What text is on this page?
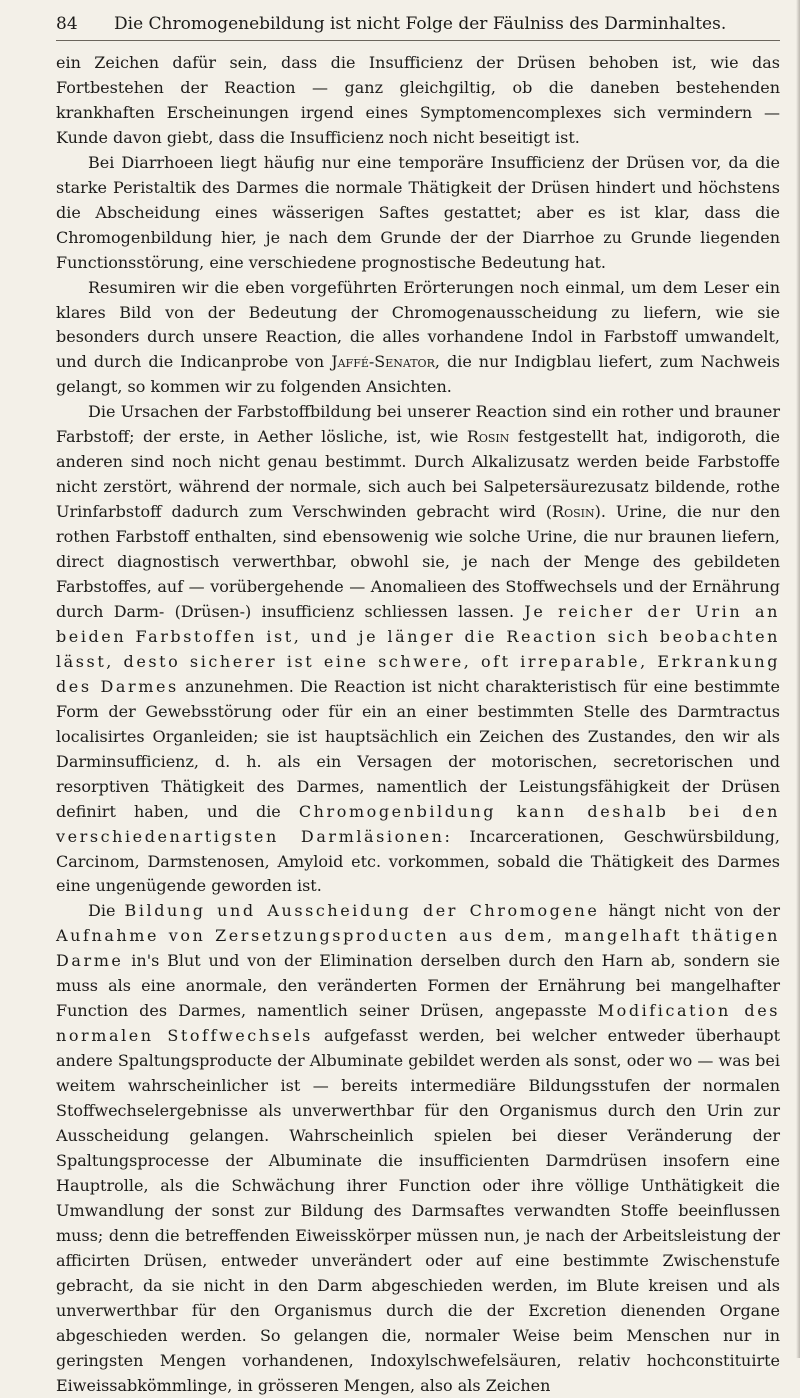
84	Die Chromogenebildung ist nicht Folge der Fäulniss des Darminhaltes.

ein Zeichen dafür sein, dass die Insufficienz der Drüsen behoben ist, wie das Fortbestehen der Reaction — ganz gleichgiltig, ob die daneben bestehenden krankhaften Erscheinungen irgend eines Symptomencomplexes sich vermindern — Kunde davon giebt, dass die Insufficienz noch nicht beseitigt ist.

Bei Diarrhoeen liegt häufig nur eine temporäre Insufficienz der Drüsen vor, da die starke Peristaltik des Darmes die normale Thätigkeit der Drüsen hindert und höchstens die Abscheidung eines wässerigen Saftes gestattet; aber es ist klar, dass die Chromogenbildung hier, je nach dem Grunde der der Diarrhoe zu Grunde liegenden Functionsstörung, eine verschiedene prognostische Bedeutung hat.

Resumiren wir die eben vorgeführten Erörterungen noch einmal, um dem Leser ein klares Bild von der Bedeutung der Chromogenausscheidung zu liefern, wie sie besonders durch unsere Reaction, die alles vorhandene Indol in Farbstoff umwandelt, und durch die Indicanprobe von Jaffé-Senator, die nur Indigblau liefert, zum Nachweis gelangt, so kommen wir zu folgenden Ansichten.

Die Ursachen der Farbstoffbildung bei unserer Reaction sind ein rother und brauner Farbstoff; der erste, in Aether lösliche, ist, wie Rosin festgestellt hat, indigoroth, die anderen sind noch nicht genau bestimmt. Durch Alkalizusatz werden beide Farbstoffe nicht zerstört, während der normale, sich auch bei Salpetersäurezusatz bildende, rothe Urinfarbstoff dadurch zum Verschwinden gebracht wird (Rosin). Urine, die nur den rothen Farbstoff enthalten, sind ebensowenig wie solche Urine, die nur braunen liefern, direct diagnostisch verwerthbar, obwohl sie, je nach der Menge des gebildeten Farbstoffes, auf — vorübergehende — Anomalieen des Stoffwechsels und der Ernährung durch Darm- (Drüsen-) insufficienz schliessen lassen. Je reicher der Urin an beiden Farbstoffen ist, und je länger die Reaction sich beobachten lässt, desto sicherer ist eine schwere, oft irreparable, Erkrankung des Darmes anzunehmen. Die Reaction ist nicht charakteristisch für eine bestimmte Form der Gewebsstörung oder für ein an einer bestimmten Stelle des Darmtractus localisirtes Organleiden; sie ist hauptsächlich ein Zeichen des Zustandes, den wir als Darminsufficienz, d. h. als ein Versagen der motorischen, secretorischen und resorptiven Thätigkeit des Darmes, namentlich der Leistungsfähigkeit der Drüsen definirt haben, und die Chromogenbildung kann deshalb bei den verschiedenartigsten Darmläsionen: Incarcerationen, Geschwürsbildung, Carcinom, Darmstenosen, Amyloid etc. vorkommen, sobald die Thätigkeit des Darmes eine ungenügende geworden ist.

Die Bildung und Ausscheidung der Chromogene hängt nicht von der Aufnahme von Zersetzungsproducten aus dem, mangelhaft thätigen Darme in's Blut und von der Elimination derselben durch den Harn ab, sondern sie muss als eine anormale, den veränderten Formen der Ernährung bei mangelhafter Function des Darmes, namentlich seiner Drüsen, angepasste Modification des normalen Stoffwechsels aufgefasst werden, bei welcher entweder überhaupt andere Spaltungsproducte der Albuminate gebildet werden als sonst, oder wo — was bei weitem wahrscheinlicher ist — bereits intermediäre Bildungsstufen der normalen Stoffwechselergebnisse als unverwerthbar für den Organismus durch den Urin zur Ausscheidung gelangen. Wahrscheinlich spielen bei dieser Veränderung der Spaltungsprocesse der Albuminate die insufficienten Darmdrüsen insofern eine Hauptrolle, als die Schwächung ihrer Function oder ihre völlige Unthätigkeit die Umwandlung der sonst zur Bildung des Darmsaftes verwandten Stoffe beeinflussen muss; denn die betreffenden Eiweisskörper müssen nun, je nach der Arbeitsleistung der afficirten Drüsen, entweder unverändert oder auf eine bestimmte Zwischenstufe gebracht, da sie nicht in den Darm abgeschieden werden, im Blute kreisen und als unverwerthbar für den Organismus durch die der Excretion dienenden Organe abgeschieden werden. So gelangen die, normaler Weise beim Menschen nur in geringsten Mengen vorhandenen, Indoxylschwefelsäuren, relativ hochconstituirte Eiweissabkömmlinge, in grösseren Mengen, also als Zeichen
